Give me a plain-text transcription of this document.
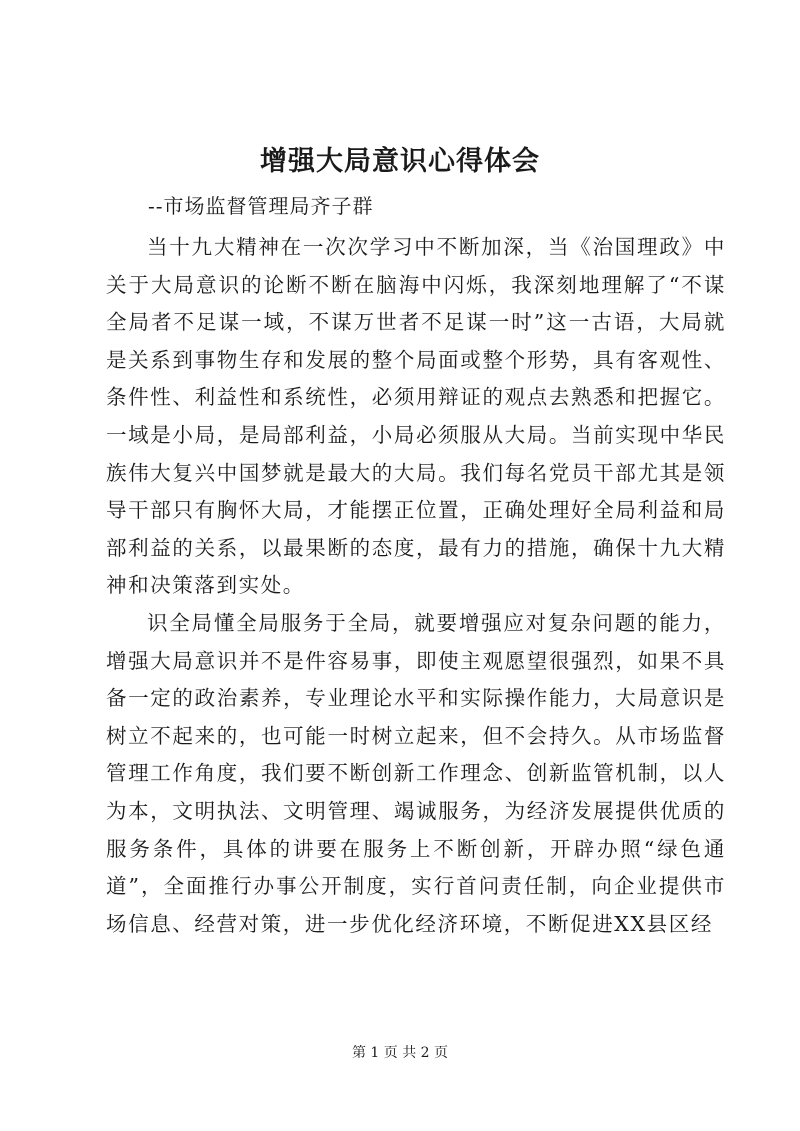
增强大局意识心得体会

--市场监督管理局齐子群

当十九大精神在一次次学习中不断加深，当《治国理政》中关于大局意识的论断不断在脑海中闪烁，我深刻地理解了“不谋全局者不足谋一域，不谋万世者不足谋一时”这一古语，大局就是关系到事物生存和发展的整个局面或整个形势，具有客观性、条件性、利益性和系统性，必须用辩证的观点去熟悉和把握它。一域是小局，是局部利益，小局必须服从大局。当前实现中华民族伟大复兴中国梦就是最大的大局。我们每名党员干部尤其是领导干部只有胸怀大局，才能摆正位置，正确处理好全局利益和局部利益的关系，以最果断的态度，最有力的措施，确保十九大精神和决策落到实处。

识全局懂全局服务于全局，就要增强应对复杂问题的能力，增强大局意识并不是件容易事，即使主观愿望很强烈，如果不具备一定的政治素养，专业理论水平和实际操作能力，大局意识是树立不起来的，也可能一时树立起来，但不会持久。从市场监督管理工作角度，我们要不断创新工作理念、创新监管机制，以人为本，文明执法、文明管理、竭诚服务，为经济发展提供优质的服务条件，具体的讲要在服务上不断创新，开辟办照“绿色通道”，全面推行办事公开制度，实行首问责任制，向企业提供市场信息、经营对策，进一步优化经济环境，不断促进XX县区经

第 1 页 共 2 页
